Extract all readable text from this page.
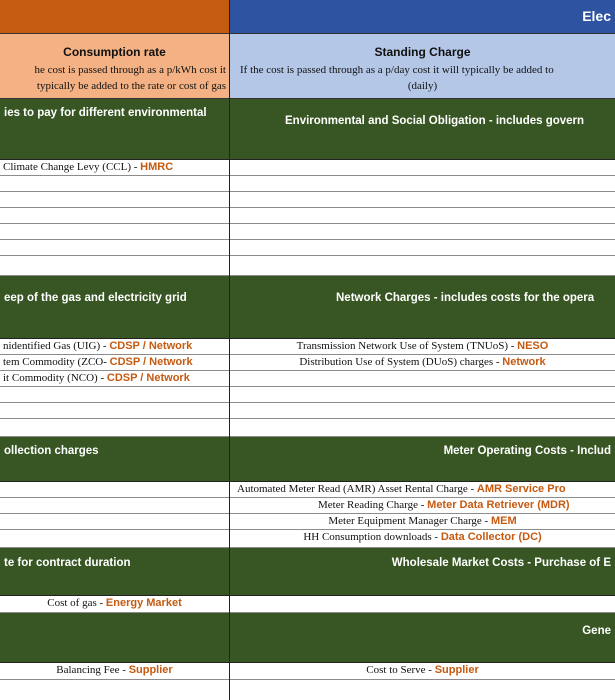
Consumption rate
he cost is passed through as a p/kWh cost it
typically be added to the rate or cost of gas
ies to pay for different environmental
Climate Change Levy (CCL) - HMRC
eep of the gas and electricity grid
nidentified Gas (UIG) - CDSP / Network
tem Commodity (ZCO- CDSP / Network
it Commodity (NCO) - CDSP / Network
ollection charges
te for contract duration
Cost of gas - Energy Market
Balancing Fee - Supplier
Elec
Standing Charge
If the cost is passed through as a p/day cost it will typically be added to
(daily)
Environmental and Social Obligation - includes govern
Network Charges - includes costs for the opera
Transmission Network Use of System (TNUoS) - NESO
Distribution Use of System (DUoS) charges - Network
Meter Operating Costs - Includ
Automated Meter Read (AMR) Asset Rental Charge - AMR Service Pro
Meter Reading Charge - Meter Data Retriever (MDR)
Meter Equipment Manager Charge - MEM
HH Consumption downloads - Data Collector (DC)
Wholesale Market Costs - Purchase of E
Gene
Cost to Serve - Supplier
